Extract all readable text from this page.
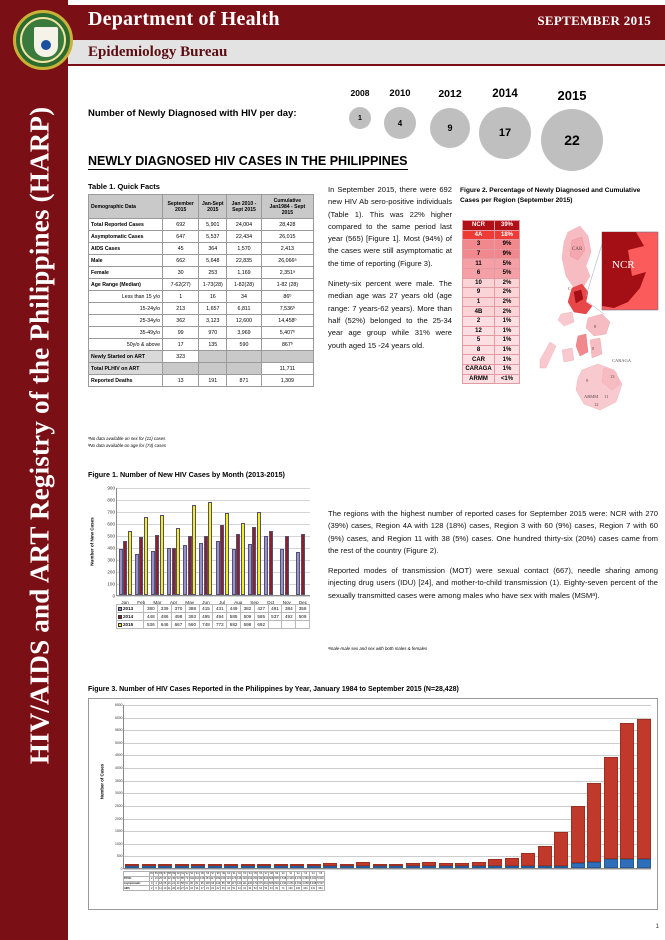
HIV/AIDS and ART Registry of the Philippines (HARP)
Department of Health	SEPTEMBER 2015
Epidemiology Bureau
Number of Newly Diagnosed with HIV per day:
2008
1
2010
4
2012
9
2014
17
2015
22
NEWLY DIAGNOSED HIV CASES IN THE PHILIPPINES
Table 1. Quick Facts
Demographic Data	September 2015	Jan-Sept 2015	Jan 2010 - Sept 2015	Cumulative Jan1984 - Sept 2015
Total Reported Cases	692	5,901	24,004	28,428
Asymptomatic Cases	647	5,537	22,434	26,015
AIDS Cases	45	364	1,570	2,413
Male	662	5,648	22,835	26,066ᵃ
Female	30	253	1,169	2,351ᵃ
Age Range (Median)	7-62(27)	1-73(28)	1-82(28)	1-82 (28)
Less than 15 y/o	1	16	34	86ᵇ
15-24y/o	213	1,657	6,811	7,536ᵇ
25-34y/o	362	3,123	12,600	14,458ᵇ
35-49y/o	99	970	3,969	5,407ᵇ
50y/o & above	17	135	590	867ᵇ
Newly Started on ART	323			
Total PLHIV on ART				11,711
Reported Deaths	13	191	871	1,309
ᵃNo data available on sex for (11) cases
ᵇNo data available on age for (74) cases

In September 2015, there were 692 new HIV Ab sero-positive individuals (Table 1). This was 22% higher compared to the same period last year (565) [Figure 1]. Most (94%) of the cases were still asymptomatic at the time of reporting (Figure 3).

Ninety-six percent were male. The median age was 27 years old (age range: 7 years-62 years). More than half (52%) belonged to the 25-34 year age group while 31% were youth aged 15 -24 years old.

The regions with the highest number of reported cases for September 2015 were: NCR with 270 (39%) cases, Region 4A with 128 (18%) cases, Region 3 with 60 (9%) cases, Region 7 with 60 (9%) cases, and Region 11 with 38 (5%) cases. One hundred thirty-six (20%) cases came from the rest of the country (Figure 2).

Reported modes of transmission (MOT) were sexual contact (667), needle sharing among injecting drug users (IDU) [24], and mother-to-child transmission (1). Eighty-seven percent of the sexually transmitted cases were among males who have sex with males (MSMᵃ).

ᵃmale-male sex and sex with both males & females
Figure 2. Percentage of Newly Diagnosed and Cumulative Cases per Region (September 2015)
NCR	39%
4A	18%
3	9%
7	9%
11	5%
6	5%
10	2%
9	2%
1	2%
4B	2%
2	1%
12	1%
5	1%
8	1%
CAR	1%
CARAGA	1%
ARMM	<1%
CAR
C
8
8
13
CARAGA
ARMM
9
11
12
NCR
C
Figure 1. Number of New HIV Cases by Month (2013-2015)
Number of New Cases
0
100
200
300
400
500
600
700
800
900
Jan	Feb	Mar	Apr	May	Jun	Jul	Aug	Sep	Oct	Nov	Dec
2013	380	339	370	388	415	431	449	382	427	491	384	358
2014	448	486	498	393	495	494	585	509	565	537	492	509
2015	536	646	667	560	748	772	682	598	692			
Figure 3. Number of HIV Cases Reported in the Philippines by Year, January 1984 to September 2015 (N=28,428)
Number of Cases
0
500
1000
1500
2000
2500
3000
3500
4000
4500
5000
5500
6000
6500
	'84	'85	'86	'87	'88	'89	'90	'91	'92	'93	'94	'95	'96	'97	'98	'99	'00	'01	'02	'03	'04	'05	'06	'07	'08	'09	'10	'11	'12	'13	'14	'15
TOTAL	2	10	25	34	32	45	53	85	73	102	116	130	154	117	169	159	123	174	148	130	134	230	309	342	528	805	1,518	2,349	3,374	4,384	6,011	5,901
Asymptomatic	0	4	18	25	21	21	44	58	51	86	81	95	108	96	144	85	88	117	140	111	100	173	275	311	505	804	1,340	2,251	3,152	4,059	5,408	5,537
AIDS	2	6	11	10	11	20	19	27	21	16	34	37	23	20	22	45	34	51	44	34	34	52	64	54	33	33	74	190	236	344	341	364
1
